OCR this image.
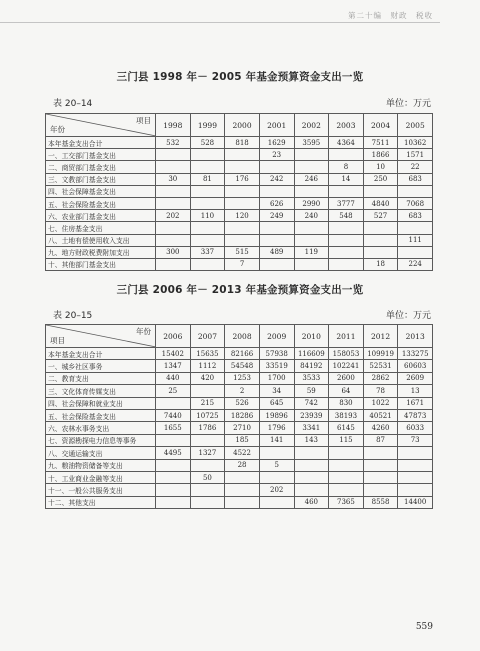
第二十编　财政　税收
三门县 1998 年－ 2005 年基金预算资金支出一览
表 20–14	单位：万元
项目
年份	1998	1999	2000	2001	2002	2003	2004	2005
本年基金支出合计	532	528	818	1629	3595	4364	7511	10362
一、工交部门基金支出				23			1866	1571
二、商贸部门基金支出						8	10	22
三、文教部门基金支出	30	81	176	242	246	14	250	683
四、社会保障基金支出								
五、社会保险基金支出				626	2990	3777	4840	7068
六、农业部门基金支出	202	110	120	249	240	548	527	683
七、住房基金支出								
八、土地有偿使用收入支出								111
九、地方财政税费附加支出	300	337	515	489	119			
十、其他部门基金支出			7				18	224
三门县 2006 年－ 2013 年基金预算资金支出一览
表 20–15	单位：万元
年份
项目	2006	2007	2008	2009	2010	2011	2012	2013
本年基金支出合计	15402	15635	82166	57938	116609	158053	109919	133275
一、城乡社区事务	1347	1112	54548	33519	84192	102241	52531	60603
二、教育支出	440	420	1253	1700	3533	2600	2862	2609
三、文化体育传媒支出	25		2	34	59	64	78	13
四、社会保障和就业支出		215	526	645	742	830	1022	1671
五、社会保险基金支出	7440	10725	18286	19896	23939	38193	40521	47873
六、农林水事务支出	1655	1786	2710	1796	3341	6145	4260	6033
七、资源勘探电力信息等事务			185	141	143	115	87	73
八、交通运输支出	4495	1327	4522					
九、粮油物资储备等支出			28	5				
十、工业商业金融等支出		50						
十一、一般公共服务支出				202				
十二、其他支出					460	7365	8558	14400
559
